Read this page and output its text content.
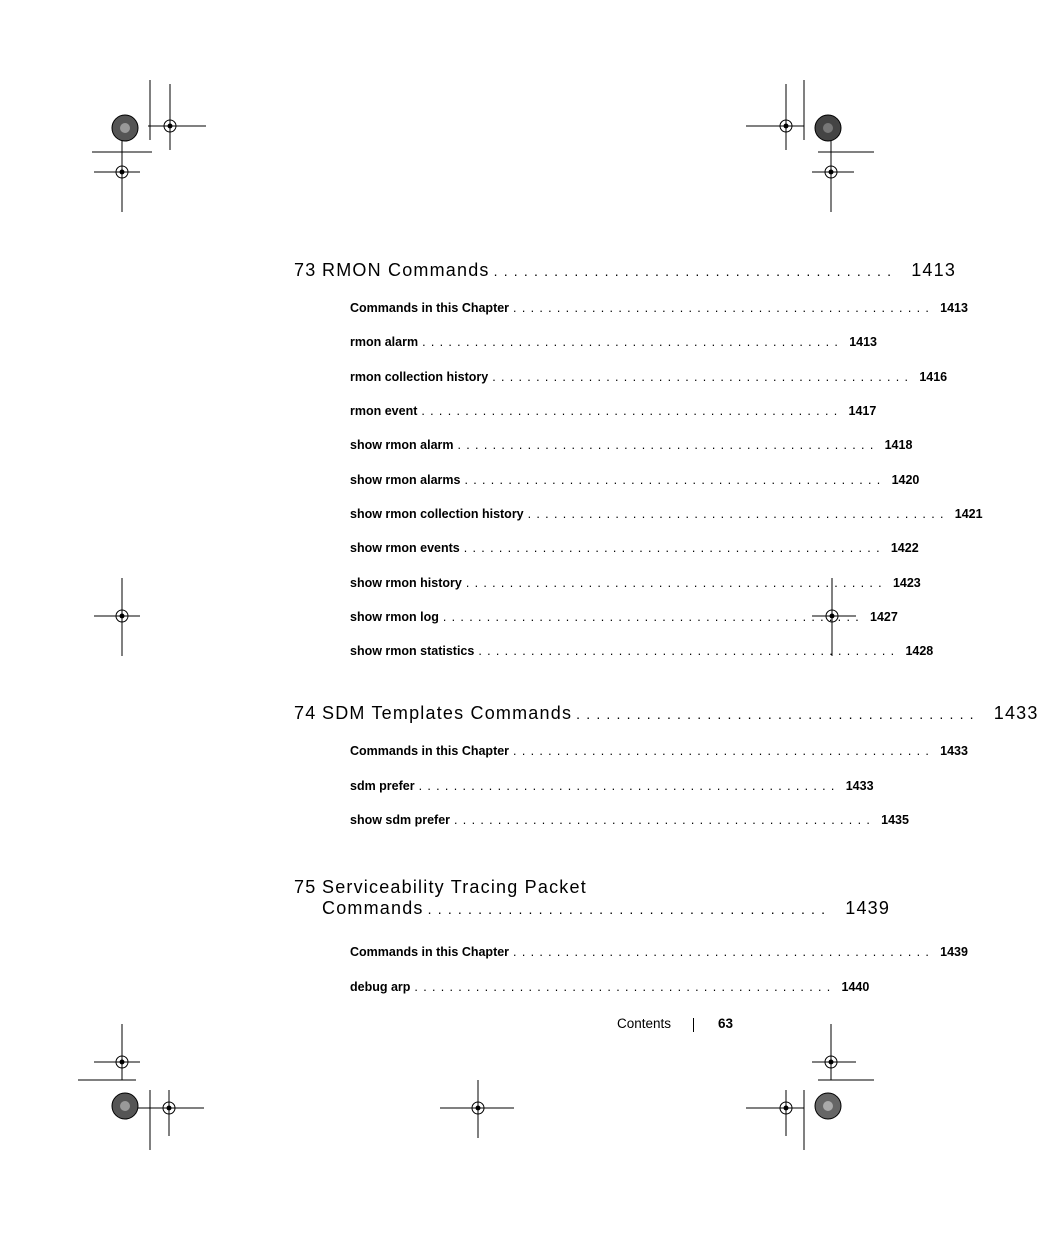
73 RMON Commands ........................................ 1413
Commands in this Chapter ................................................ 1413
rmon alarm ................................................ 1413
rmon collection history ................................................ 1416
rmon event ................................................ 1417
show rmon alarm ................................................ 1418
show rmon alarms ................................................ 1420
show rmon collection history ................................................ 1421
show rmon events ................................................ 1422
show rmon history ................................................ 1423
show rmon log ................................................ 1427
show rmon statistics ................................................ 1428
74 SDM Templates Commands ........................................ 1433
Commands in this Chapter ................................................ 1433
sdm prefer ................................................ 1433
show sdm prefer ................................................ 1435
75 Serviceability Tracing Packet
Commands ........................................ 1439
Commands in this Chapter ................................................ 1439
debug arp ................................................ 1440
Contents	63
